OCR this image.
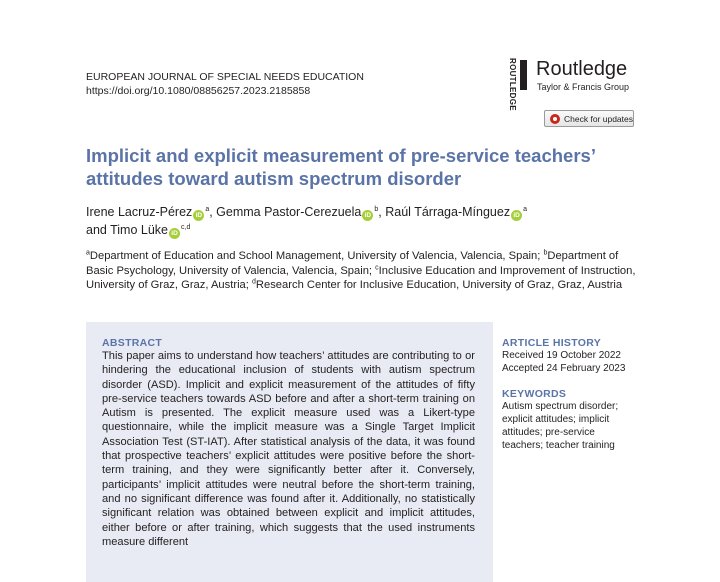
EUROPEAN JOURNAL OF SPECIAL NEEDS EDUCATION
https://doi.org/10.1080/08856257.2023.2185858	ROUTLEDGE Routledge
Taylor & Francis Group
Check for updates
Implicit and explicit measurement of pre-service teachers’ attitudes toward autism spectrum disorder
Irene Lacruz-Pérez $iD^a$, Gemma Pastor-Cerezuela $iD^b$, Raúl Tárraga-Mínguez $iD^a$
and Timo Lüke iD$^{c,d}$
$^a$Department of Education and School Management, University of Valencia, Valencia, Spain; $^b$Department of Basic Psychology, University of Valencia, Valencia, Spain; $^c$Inclusive Education and Improvement of Instruction, University of Graz, Graz, Austria; $^d$Research Center for Inclusive Education, University of Graz, Graz, Austria
ABSTRACT
This paper aims to understand how teachers’ attitudes are contributing to or hindering the educational inclusion of students with autism spectrum disorder (ASD). Implicit and explicit measurement of the attitudes of fifty pre-service teachers towards ASD before and after a short-term training on Autism is presented. The explicit measure used was a Likert-type questionnaire, while the implicit measure was a Single Target Implicit Association Test (ST-IAT). After statistical analysis of the data, it was found that prospective teachers’ explicit attitudes were positive before the short-term training, and they were significantly better after it. Conversely, participants’ implicit attitudes were neutral before the short-term training, and no significant difference was found after it. Additionally, no statistically significant relation was obtained between explicit and implicit attitudes, either before or after training, which suggests that the used instruments measure different
ARTICLE HISTORY
Received 19 October 2022
Accepted 24 February 2023
KEYWORDS
Autism spectrum disorder; explicit attitudes; implicit attitudes; pre-service teachers; teacher training
